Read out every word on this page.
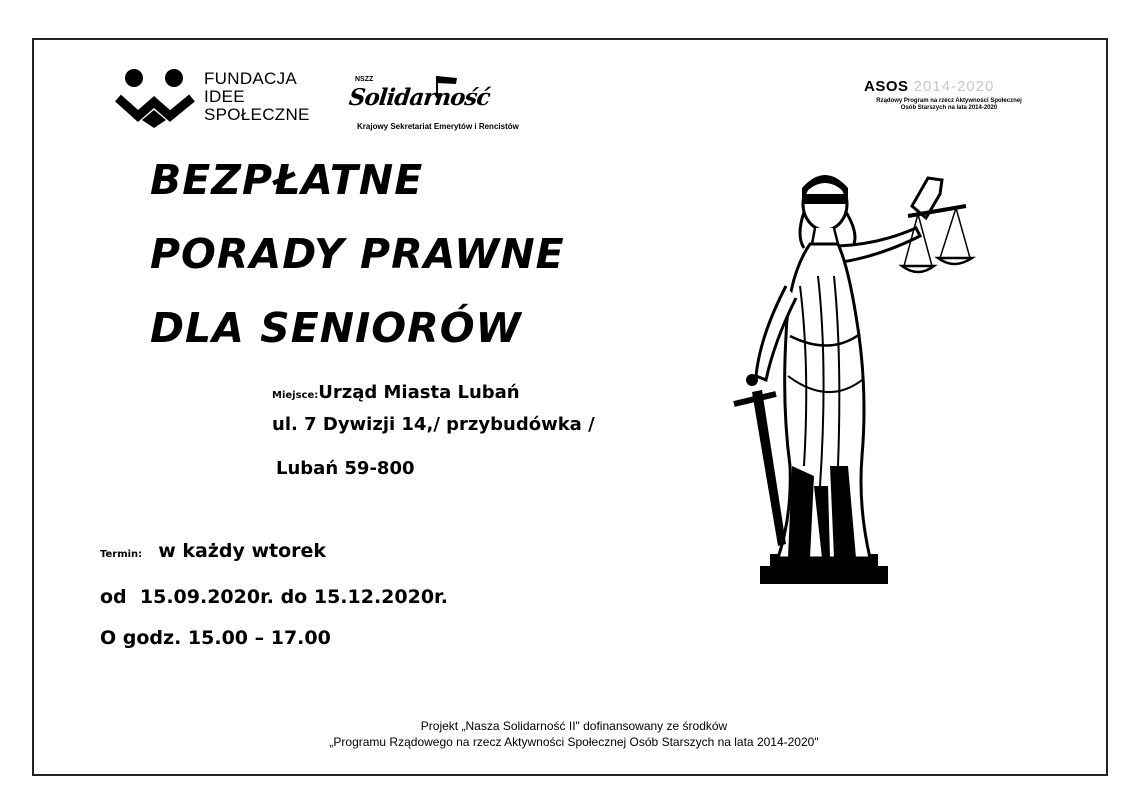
FUNDACJA
IDEE
SPOŁECZNE
NSZZ
Solidarność
Krajowy Sekretariat Emerytów i Rencistów
ASOS 2014-2020
Rządowy Program na rzecz Aktywności Społecznej
Osób Starszych na lata 2014-2020
BEZPŁATNE
PORADY PRAWNE
DLA SENIORÓW
Miejsce:Urząd Miasta Lubań
ul. 7 Dywizji 14,/ przybudówka /
Lubań 59-800
Termin: w każdy wtorek
od  15.09.2020r. do 15.12.2020r.
O godz. 15.00 – 17.00
Projekt „Nasza Solidarność II" dofinansowany ze środków
„Programu Rządowego na rzecz Aktywności Społecznej Osób Starszych na lata 2014-2020"
